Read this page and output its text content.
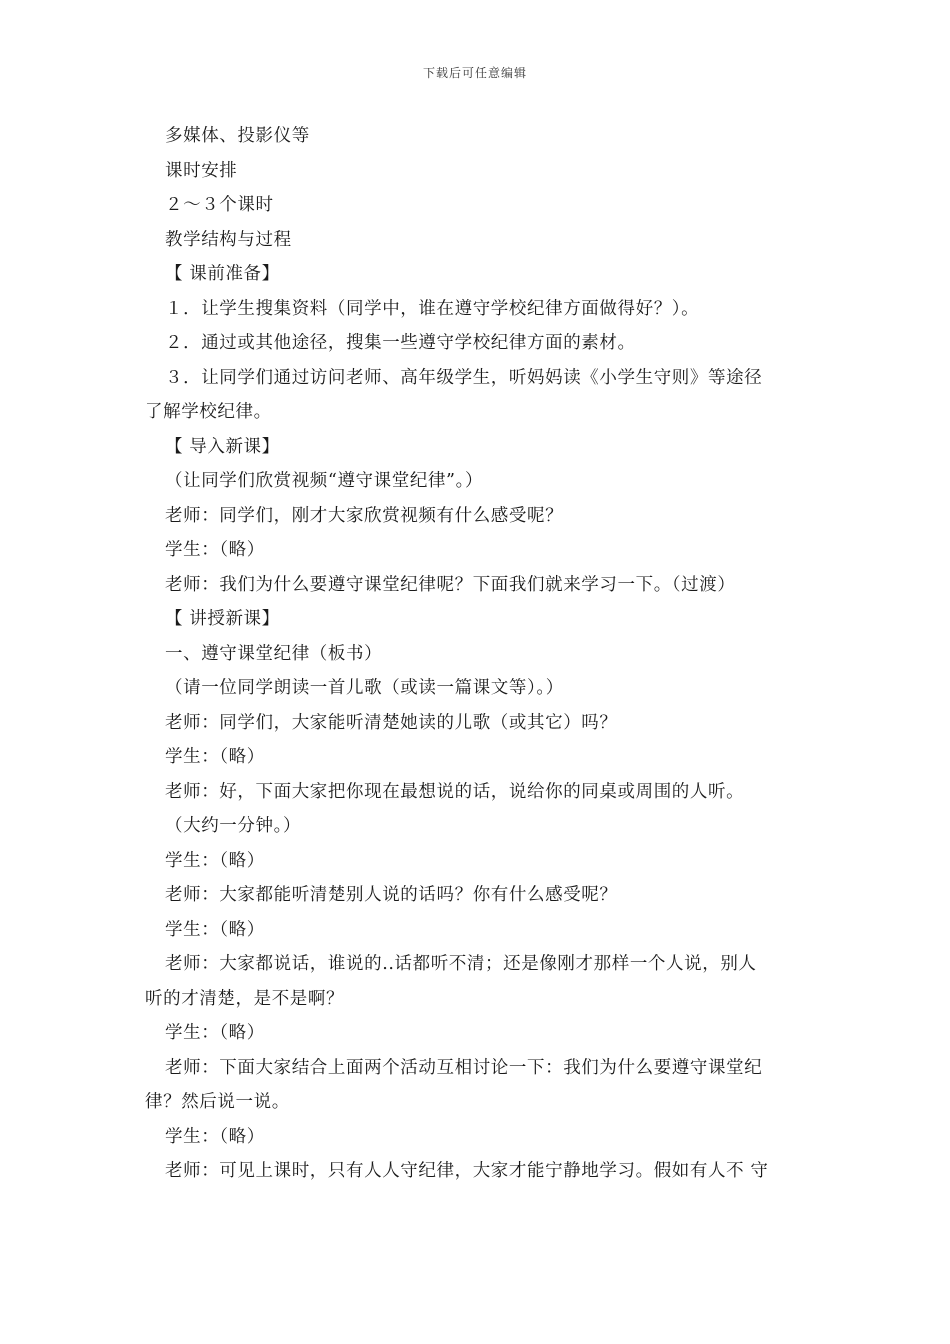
下载后可任意编辑
多媒体、投影仪等
课时安排
２～３个课时
教学结构与过程
【 课前准备】
１．让学生搜集资料（同学中，谁在遵守学校纪律方面做得好？）。
２．通过或其他途径，搜集一些遵守学校纪律方面的素材。
３．让同学们通过访问老师、高年级学生，听妈妈读《小学生守则》等途径
了解学校纪律。
【 导入新课】
（让同学们欣赏视频“遵守课堂纪律”。）
老师：同学们，刚才大家欣赏视频有什么感受呢？
学生：（略）
老师：我们为什么要遵守课堂纪律呢？下面我们就来学习一下。（过渡）
【 讲授新课】
一、遵守课堂纪律（板书）
（请一位同学朗读一首儿歌（或读一篇课文等）。）
老师：同学们，大家能听清楚她读的儿歌（或其它）吗？
学生：（略）
老师：好，下面大家把你现在最想说的话，说给你的同桌或周围的人听。
（大约一分钟。）
学生：（略）
老师：大家都能听清楚别人说的话吗？你有什么感受呢？
学生：（略）
老师：大家都说话，谁说的..话都听不清；还是像刚才那样一个人说，别人
听的才清楚，是不是啊？
学生：（略）
老师：下面大家结合上面两个活动互相讨论一下：我们为什么要遵守课堂纪
律？然后说一说。
学生：（略）
老师：可见上课时，只有人人守纪律，大家才能宁静地学习。假如有人不 守
